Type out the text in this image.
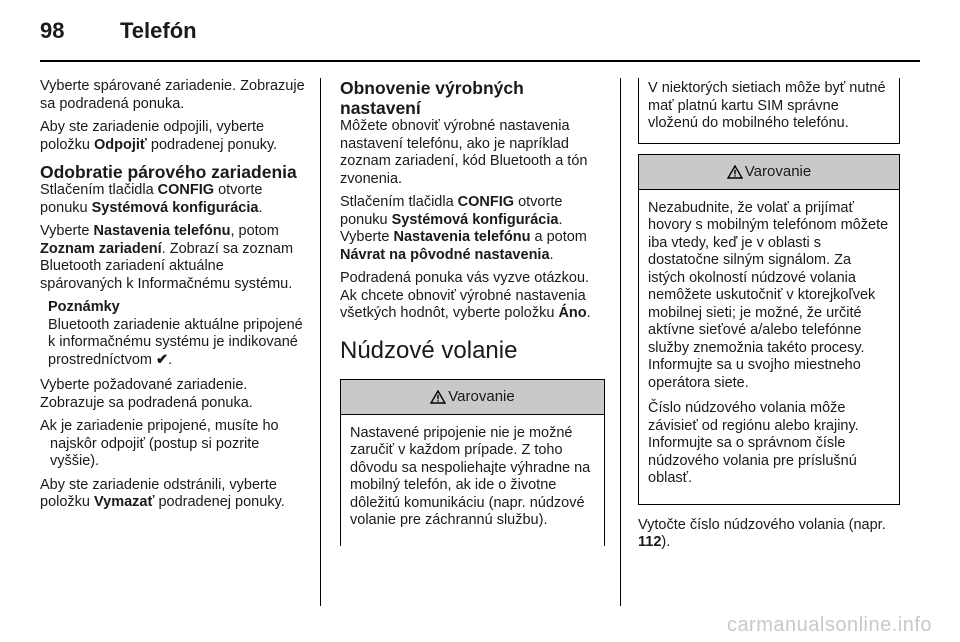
98	Telefón

Vyberte spárované zariadenie. Zobrazuje sa podradená ponuka.

Aby ste zariadenie odpojili, vyberte položku Odpojiť podradenej ponuky.

Odobratie párového zariadenia

Stlačením tlačidla CONFIG otvorte ponuku Systémová konfigurácia.

Vyberte Nastavenia telefónu, potom Zoznam zariadení. Zobrazí sa zoznam Bluetooth zariadení aktuálne spárovaných k Informačnému systému.

Poznámky

Bluetooth zariadenie aktuálne pripojené k informačnému systému je indikované prostredníctvom ✔.

Vyberte požadované zariadenie. Zobrazuje sa podradená ponuka.

Ak je zariadenie pripojené, musíte ho najskôr odpojiť (postup si pozrite vyššie).

Aby ste zariadenie odstránili, vyberte položku Vymazať podradenej ponuky.

Obnovenie výrobných nastavení

Môžete obnoviť výrobné nastavenia nastavení telefónu, ako je napríklad zoznam zariadení, kód Bluetooth a tón zvonenia.

Stlačením tlačidla CONFIG otvorte ponuku Systémová konfigurácia. Vyberte Nastavenia telefónu a potom Návrat na pôvodné nastavenia.

Podradená ponuka vás vyzve otázkou. Ak chcete obnoviť výrobné nastavenia všetkých hodnôt, vyberte položku Áno.

Núdzové volanie
Varovanie

Nastavené pripojenie nie je možné zaručiť v každom prípade. Z toho dôvodu sa nespoliehajte výhradne na mobilný telefón, ak ide o životne dôležitú komunikáciu (napr. núdzové volanie pre záchrannú službu).

V niektorých sietiach môže byť nutné mať platnú kartu SIM správne vloženú do mobilného telefónu.

Varovanie

Nezabudnite, že volať a prijímať hovory s mobilným telefónom môžete iba vtedy, keď je v oblasti s dostatočne silným signálom. Za istých okolností núdzové volania nemôžete uskutočniť v ktorejkoľvek mobilnej sieti; je možné, že určité aktívne sieťové a/alebo telefónne služby znemožnia takéto procesy. Informujte sa u svojho miestneho operátora siete.

Číslo núdzového volania môže závisieť od regiónu alebo krajiny. Informujte sa o správnom čísle núdzového volania pre príslušnú oblasť.

Vytočte číslo núdzového volania (napr. 112).

carmanualsonline.info
